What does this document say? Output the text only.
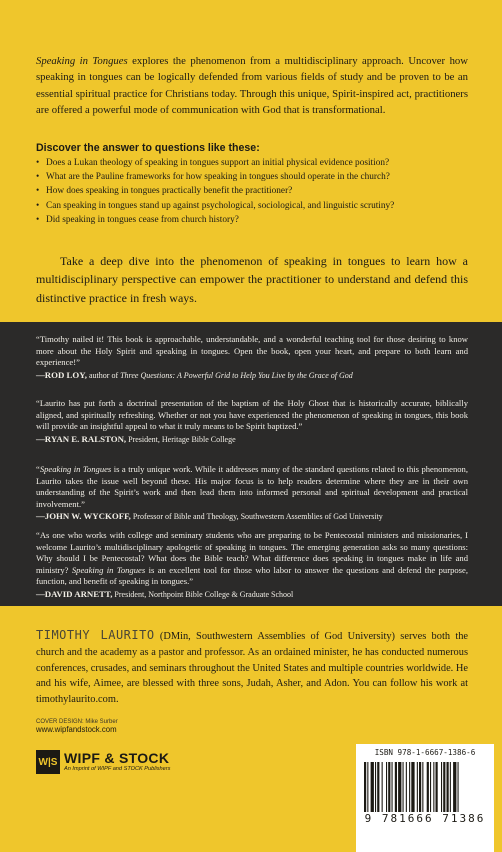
Speaking in Tongues explores the phenomenon from a multidisciplinary approach. Uncover how speaking in tongues can be logically defended from various fields of study and be proven to be an essential spiritual practice for Christians today. Through this unique, Spirit-inspired act, practitioners are offered a powerful mode of communication with God that is transformational.

Discover the answer to questions like these:
• Does a Lukan theology of speaking in tongues support an initial physical evidence position?
• What are the Pauline frameworks for how speaking in tongues should operate in the church?
• How does speaking in tongues practically benefit the practitioner?
• Can speaking in tongues stand up against psychological, sociological, and linguistic scrutiny?
• Did speaking in tongues cease from church history?

Take a deep dive into the phenomenon of speaking in tongues to learn how a multidisciplinary perspective can empower the practitioner to understand and defend this distinctive practice in fresh ways.

“Timothy nailed it! This book is approachable, understandable, and a wonderful teaching tool for those desiring to know more about the Holy Spirit and speaking in tongues. Open the book, open your heart, and prepare to both learn and experience!”
—ROD LOY, author of Three Questions: A Powerful Grid to Help You Live by the Grace of God
“Laurito has put forth a doctrinal presentation of the baptism of the Holy Ghost that is historically accurate, biblically aligned, and spiritually refreshing. Whether or not you have experienced the phenomenon of speaking in tongues, this book will provide an insightful appeal to what it truly means to be Spirit baptized.”
—RYAN E. RALSTON, President, Heritage Bible College
“Speaking in Tongues is a truly unique work. While it addresses many of the standard questions related to this phenomenon, Laurito takes the issue well beyond these. His major focus is to help readers determine where they are in their own understanding of the Spirit’s work and then lead them into informed personal and spiritual development and practical involvement.”
—JOHN W. WYCKOFF, Professor of Bible and Theology, Southwestern Assemblies of God University
“As one who works with college and seminary students who are preparing to be Pentecostal ministers and missionaries, I welcome Laurito’s multidisciplinary apologetic of speaking in tongues. The emerging generation asks so many questions: Why should I be Pentecostal? What does the Bible teach? What difference does speaking in tongues make in life and ministry? Speaking in Tongues is an excellent tool for those who labor to answer the questions and defend the purpose, function, and benefit of speaking in tongues.”
—DAVID ARNETT, President, Northpoint Bible College & Graduate School

TIMOTHY LAURITO (DMin, Southwestern Assemblies of God University) serves both the church and the academy as a pastor and professor. As an ordained minister, he has conducted numerous conferences, crusades, and seminars throughout the United States and multiple countries worldwide. He and his wife, Aimee, are blessed with three sons, Judah, Asher, and Adon. You can follow his work at timothylaurito.com.

COVER DESIGN: Mike Surber
www.wipfandstock.com
W|S WIPF & STOCK
An Imprint of WIPF and STOCK Publishers
ISBN 978-1-6667-1386-6
9 781666 71386
